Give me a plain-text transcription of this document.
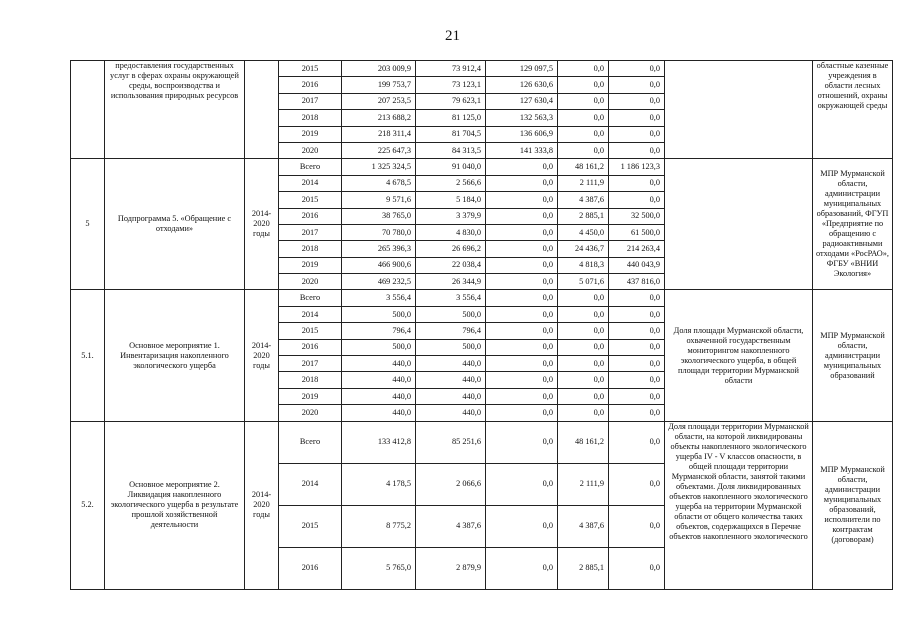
21
	предоставления государственных услуг в сферах охраны окружающей среды, воспроизводства и использования природных ресурсов		2015	203 009,9	73 912,4	129 097,5	0,0	0,0		областные казенные учреждения в области лесных отношений, охраны окружающей среды
			2016	199 753,7	73 123,1	126 630,6	0,0	0,0		
			2017	207 253,5	79 623,1	127 630,4	0,0	0,0		
			2018	213 688,2	81 125,0	132 563,3	0,0	0,0		
			2019	218 311,4	81 704,5	136 606,9	0,0	0,0		
			2020	225 647,3	84 313,5	141 333,8	0,0	0,0		
5	Подпрограмма 5. «Обращение с отходами»	2014-2020 годы	Всего	1 325 324,5	91 040,0	0,0	48 161,2	1 186 123,3		МПР Мурманской области, администрации муниципальных образований, ФГУП «Предприятие по обращению с радиоактивными отходами «РосРАО», ФГБУ «ВНИИ Экология»
			2014	4 678,5	2 566,6	0,0	2 111,9	0,0		
			2015	9 571,6	5 184,0	0,0	4 387,6	0,0		
			2016	38 765,0	3 379,9	0,0	2 885,1	32 500,0		
			2017	70 780,0	4 830,0	0,0	4 450,0	61 500,0		
			2018	265 396,3	26 696,2	0,0	24 436,7	214 263,4		
			2019	466 900,6	22 038,4	0,0	4 818,3	440 043,9		
			2020	469 232,5	26 344,9	0,0	5 071,6	437 816,0		
5.1.	Основное мероприятие 1. Инвентаризация накопленного экологического ущерба	2014-2020 годы	Всего	3 556,4	3 556,4	0,0	0,0	0,0	Доля площади Мурманской области, охваченной государственным мониторингом накопленного экологического ущерба, в общей площади территории Мурманской области	МПР Мурманской области, администрации муниципальных образований
			2014	500,0	500,0	0,0	0,0	0,0		
			2015	796,4	796,4	0,0	0,0	0,0		
			2016	500,0	500,0	0,0	0,0	0,0		
			2017	440,0	440,0	0,0	0,0	0,0		
			2018	440,0	440,0	0,0	0,0	0,0		
			2019	440,0	440,0	0,0	0,0	0,0		
			2020	440,0	440,0	0,0	0,0	0,0		
5.2.	Основное мероприятие 2. Ликвидация накопленного экологического ущерба в результате прошлой хозяйственной деятельности	2014-2020 годы	Всего	133 412,8	85 251,6	0,0	48 161,2	0,0	Доля площади территории Мурманской области, на которой ликвидированы объекты накопленного экологического ущерба IV - V классов опасности, в общей площади территории Мурманской области, занятой такими объектами. Доля ликвидированных объектов накопленного экологического ущерба на территории Мурманской области от общего количества таких объектов, содержащихся в Перечне объектов накопленного экологического	МПР Мурманской области, администрации муниципальных образований, исполнители по контрактам (договорам)
			2014	4 178,5	2 066,6	0,0	2 111,9	0,0		
			2015	8 775,2	4 387,6	0,0	4 387,6	0,0		
			2016	5 765,0	2 879,9	0,0	2 885,1	0,0		
